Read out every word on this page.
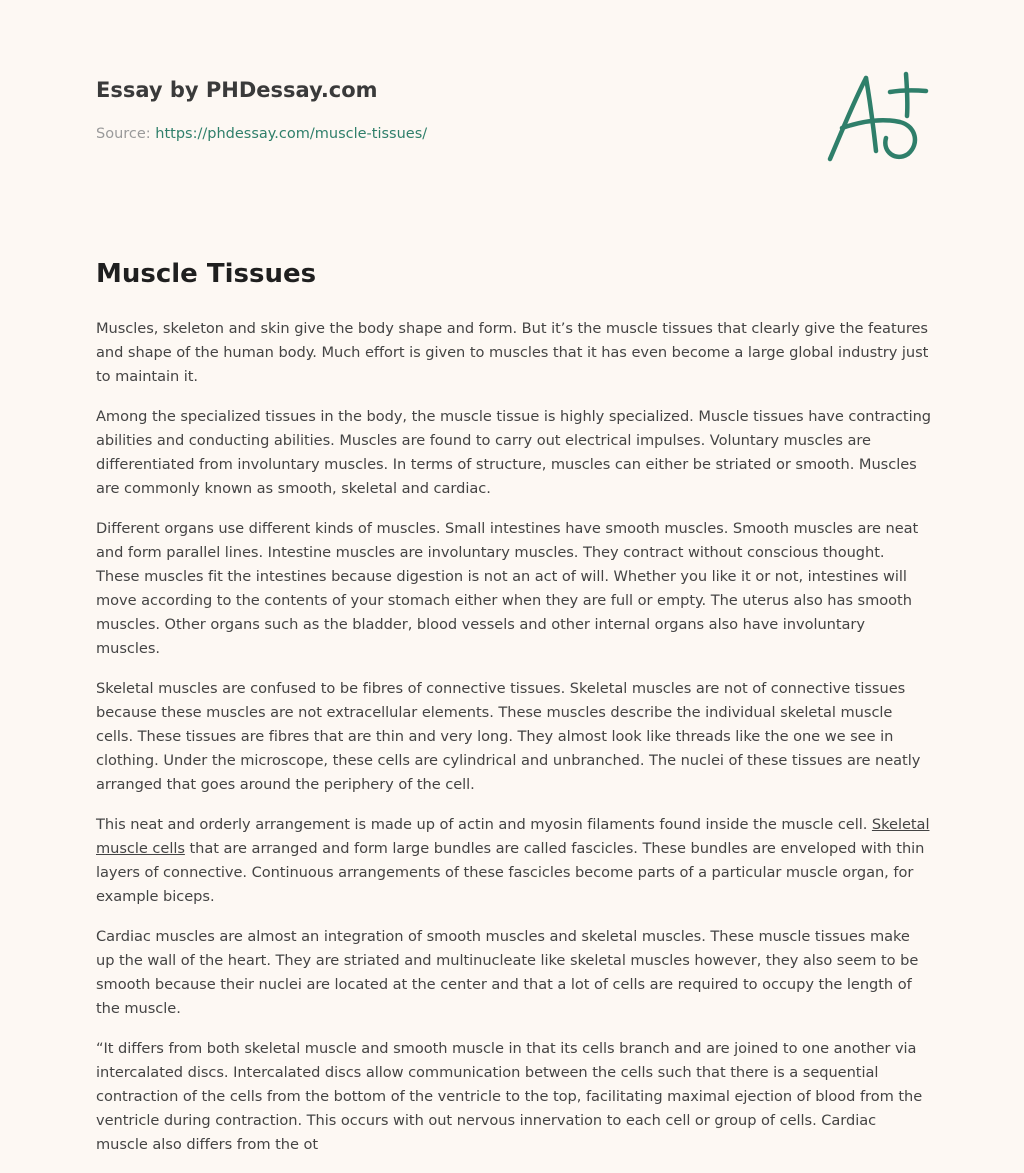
Essay by PHDessay.com
Source: https://phdessay.com/muscle-tissues/
Muscle Tissues

Muscles, skeleton and skin give the body shape and form. But it’s the muscle tissues that clearly give the features and shape of the human body. Much effort is given to muscles that it has even become a large global industry just to maintain it.

Among the specialized tissues in the body, the muscle tissue is highly specialized. Muscle tissues have contracting abilities and conducting abilities. Muscles are found to carry out electrical impulses. Voluntary muscles are differentiated from involuntary muscles. In terms of structure, muscles can either be striated or smooth. Muscles are commonly known as smooth, skeletal and cardiac.

Different organs use different kinds of muscles. Small intestines have smooth muscles. Smooth muscles are neat and form parallel lines. Intestine muscles are involuntary muscles. They contract without conscious thought. These muscles fit the intestines because digestion is not an act of will. Whether you like it or not, intestines will move according to the contents of your stomach either when they are full or empty. The uterus also has smooth muscles. Other organs such as the bladder, blood vessels and other internal organs also have involuntary muscles.

Skeletal muscles are confused to be fibres of connective tissues. Skeletal muscles are not of connective tissues because these muscles are not extracellular elements. These muscles describe the individual skeletal muscle cells. These tissues are fibres that are thin and very long. They almost look like threads like the one we see in clothing. Under the microscope, these cells are cylindrical and unbranched. The nuclei of these tissues are neatly arranged that goes around the periphery of the cell.

This neat and orderly arrangement is made up of actin and myosin filaments found inside the muscle cell. Skeletal muscle cells that are arranged and form large bundles are called fascicles. These bundles are enveloped with thin layers of connective. Continuous arrangements of these fascicles become parts of a particular muscle organ, for example biceps.

Cardiac muscles are almost an integration of smooth muscles and skeletal muscles. These muscle tissues make up the wall of the heart. They are striated and multinucleate like skeletal muscles however, they also seem to be smooth because their nuclei are located at the center and that a lot of cells are required to occupy the length of the muscle.

“It differs from both skeletal muscle and smooth muscle in that its cells branch and are joined to one another via intercalated discs. Intercalated discs allow communication between the cells such that there is a sequential contraction of the cells from the bottom of the ventricle to the top, facilitating maximal ejection of blood from the ventricle during contraction. This occurs with out nervous innervation to each cell or group of cells. Cardiac muscle also differs from the ot
